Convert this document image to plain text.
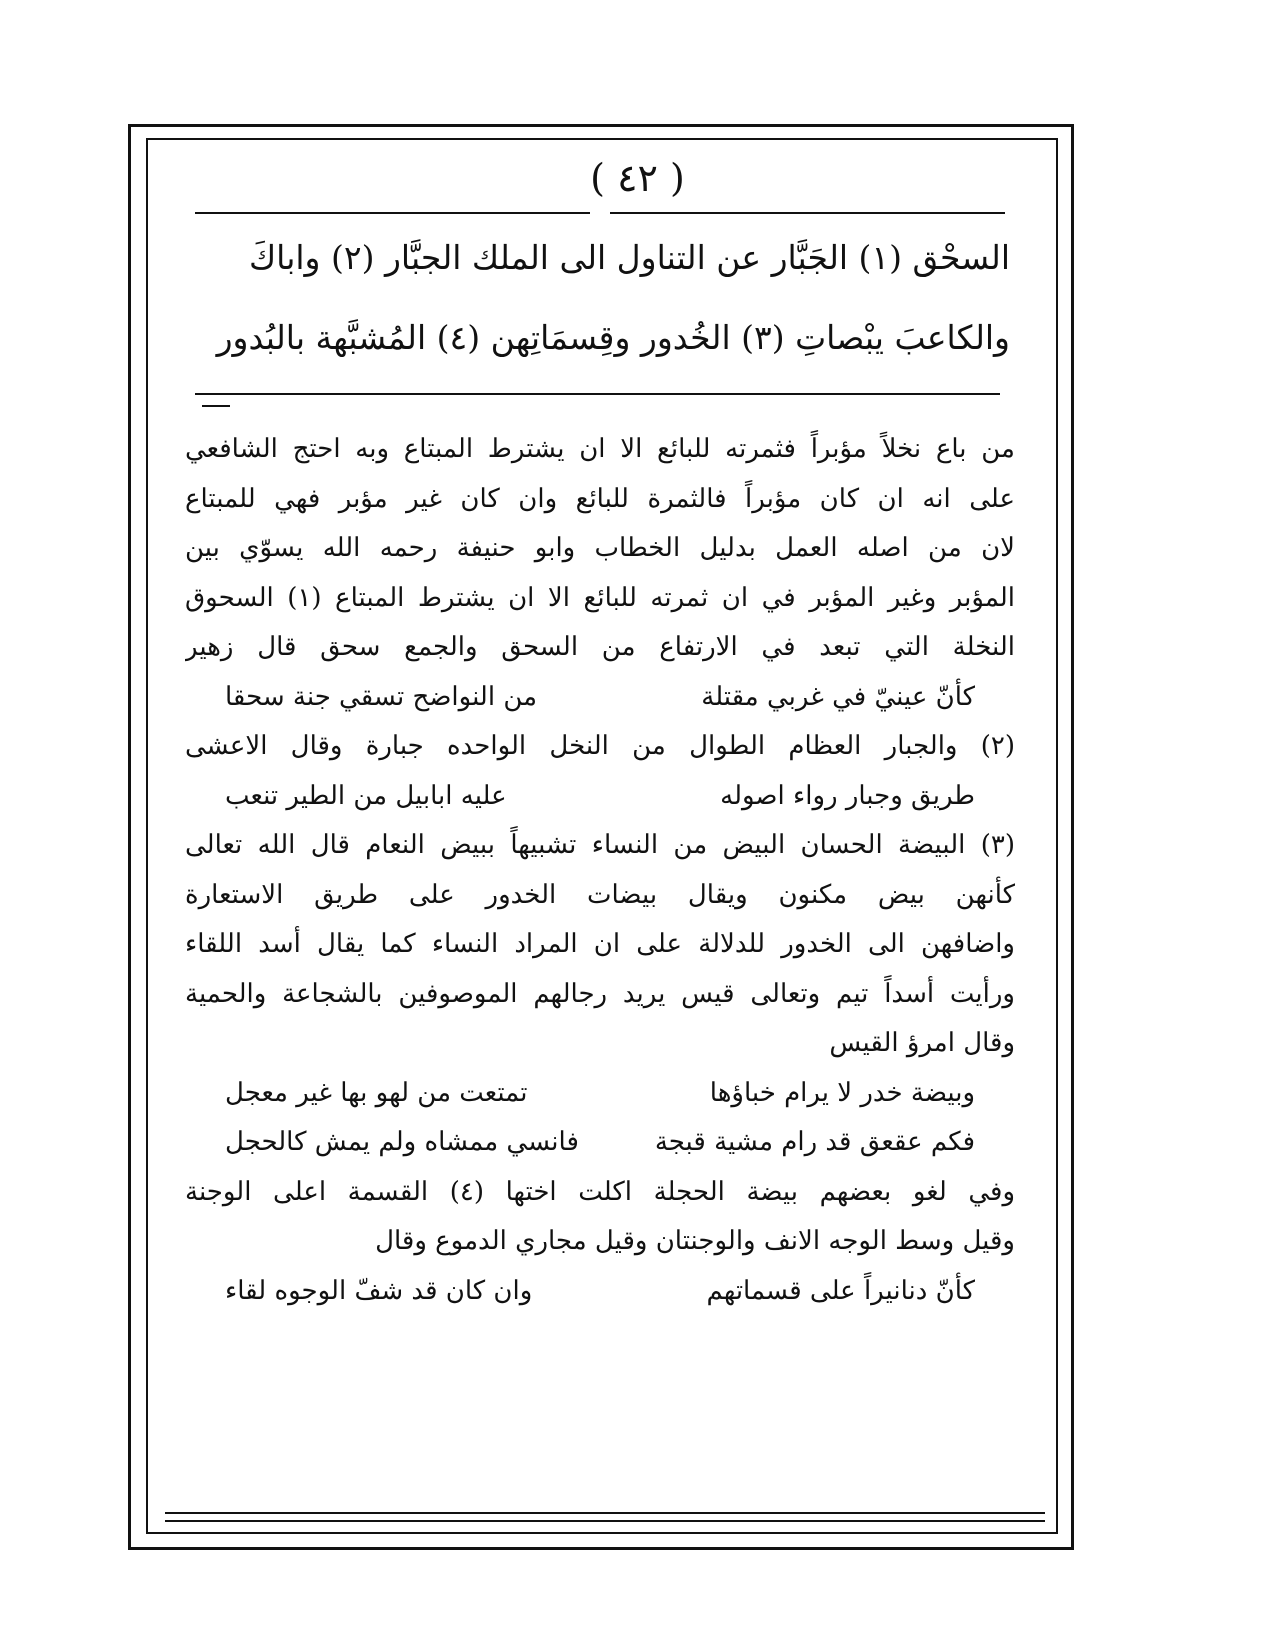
( ٤٢ )
السحْق (١) الجَبَّار عن التناول الى الملك الجبَّار (٢) واباكَ
والكاعبَ يبْصاتِ (٣) الخُدور وقِسمَاتِهن (٤) المُشبَّهة بالبُدور
من باع نخلاً مؤبراً فثمرته للبائع الا ان يشترط المبتاع وبه احتج الشافعي
على انه ان كان مؤبراً فالثمرة للبائع وان كان غير مؤبر فهي للمبتاع
لان من اصله العمل بدليل الخطاب وابو حنيفة رحمه الله يسوّي بين
المؤبر وغير المؤبر في ان ثمرته للبائع الا ان يشترط المبتاع (١) السحوق
النخلة التي تبعد في الارتفاع من السحق والجمع سحق قال زهير
كأنّ عينيّ في غربي مقتلة
من النواضح تسقي جنة سحقا
(٢) والجبار العظام الطوال من النخل الواحده جبارة وقال الاعشى
طريق وجبار رواء اصوله
عليه ابابيل من الطير تنعب
(٣) البيضة الحسان البيض من النساء تشبيهاً ببيض النعام قال الله تعالى
كأنهن بيض مكنون ويقال بيضات الخدور على طريق الاستعارة
واضافهن الى الخدور للدلالة على ان المراد النساء كما يقال أسد اللقاء
ورأيت أسداً تيم وتعالى قيس يريد رجالهم الموصوفين بالشجاعة والحمية
وقال امرؤ القيس
وبيضة خدر لا يرام خباؤها
تمتعت من لهو بها غير معجل
فكم عقعق قد رام مشية قبجة
فانسي ممشاه ولم يمش كالحجل
وفي لغو بعضهم بيضة الحجلة اكلت اختها (٤) القسمة اعلى الوجنة
وقيل وسط الوجه الانف والوجنتان وقيل مجاري الدموع وقال
كأنّ دنانيراً على قسماتهم
وان كان قد شفّ الوجوه لقاء
